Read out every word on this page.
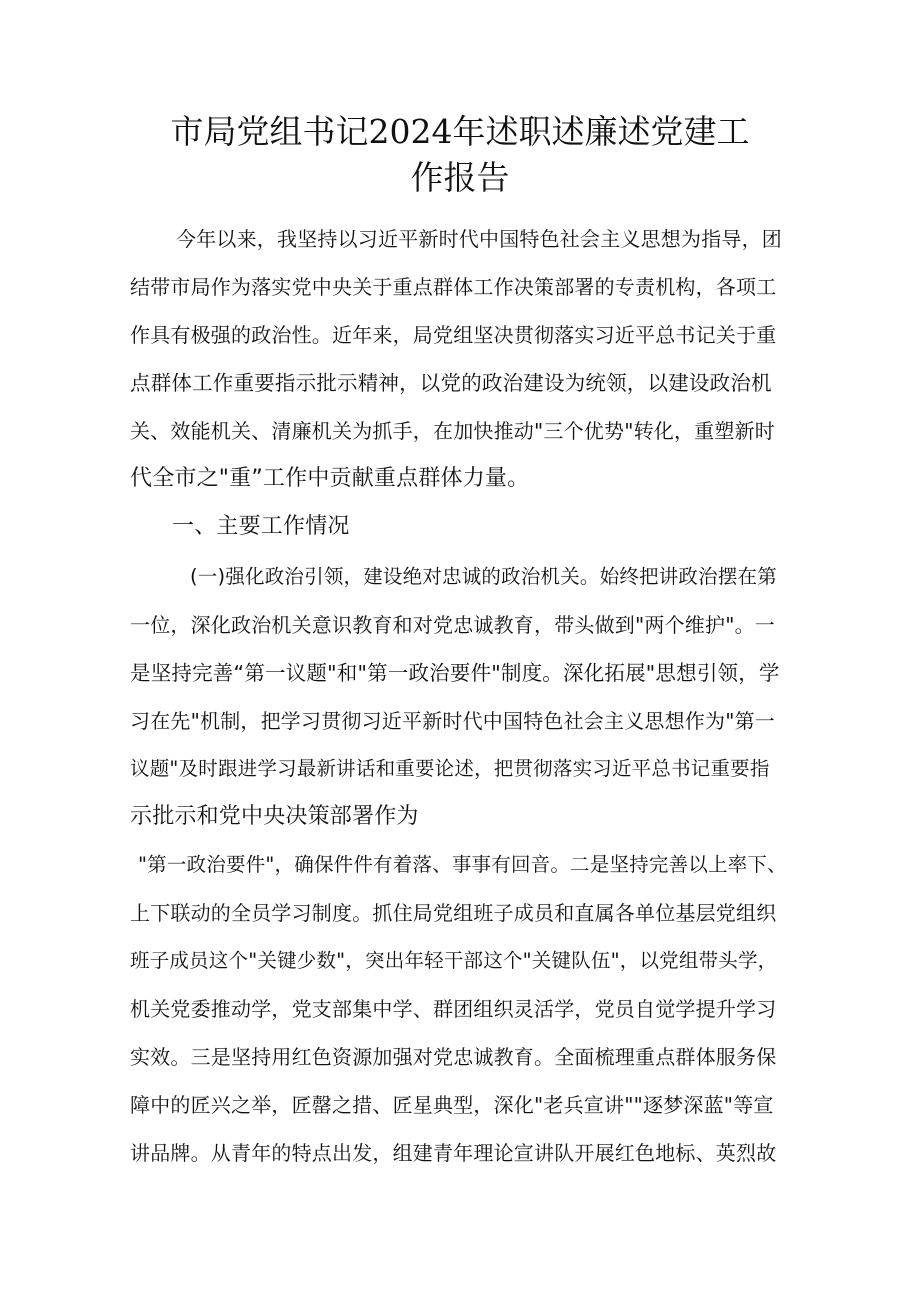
市局党组书记2024年述职述廉述党建工
作报告
今年以来，我坚持以习近平新时代中国特色社会主义思想为指导，团
结带市局作为落实党中央关于重点群体工作决策部署的专责机构，各项工
作具有极强的政治性。近年来，局党组坚决贯彻落实习近平总书记关于重
点群体工作重要指示批示精神，以党的政治建设为统领，以建设政治机
关、效能机关、清廉机关为抓手，在加快推动"三个优势"转化，重塑新时
代全市之"重”工作中贡献重点群体力量。
一、主要工作情况
(一)强化政治引领，建设绝对忠诚的政治机关。始终把讲政治摆在第
一位，深化政治机关意识教育和对党忠诚教育，带头做到"两个维护"。一
是坚持完善“第一议题"和"第一政治要件"制度。深化拓展"思想引领，学
习在先"机制，把学习贯彻习近平新时代中国特色社会主义思想作为"第一
议题"及时跟进学习最新讲话和重要论述，把贯彻落实习近平总书记重要指
示批示和党中央决策部署作为
"第一政治要件"，确保件件有着落、事事有回音。二是坚持完善以上率下、
上下联动的全员学习制度。抓住局党组班子成员和直属各单位基层党组织
班子成员这个"关键少数"，突出年轻干部这个"关键队伍"，以党组带头学，
机关党委推动学，党支部集中学、群团组织灵活学，党员自觉学提升学习
实效。三是坚持用红色资源加强对党忠诚教育。全面梳理重点群体服务保
障中的匠兴之举，匠罄之措、匠星典型，深化"老兵宣讲""逐梦深蓝"等宣
讲品牌。从青年的特点出发，组建青年理论宣讲队开展红色地标、英烈故
